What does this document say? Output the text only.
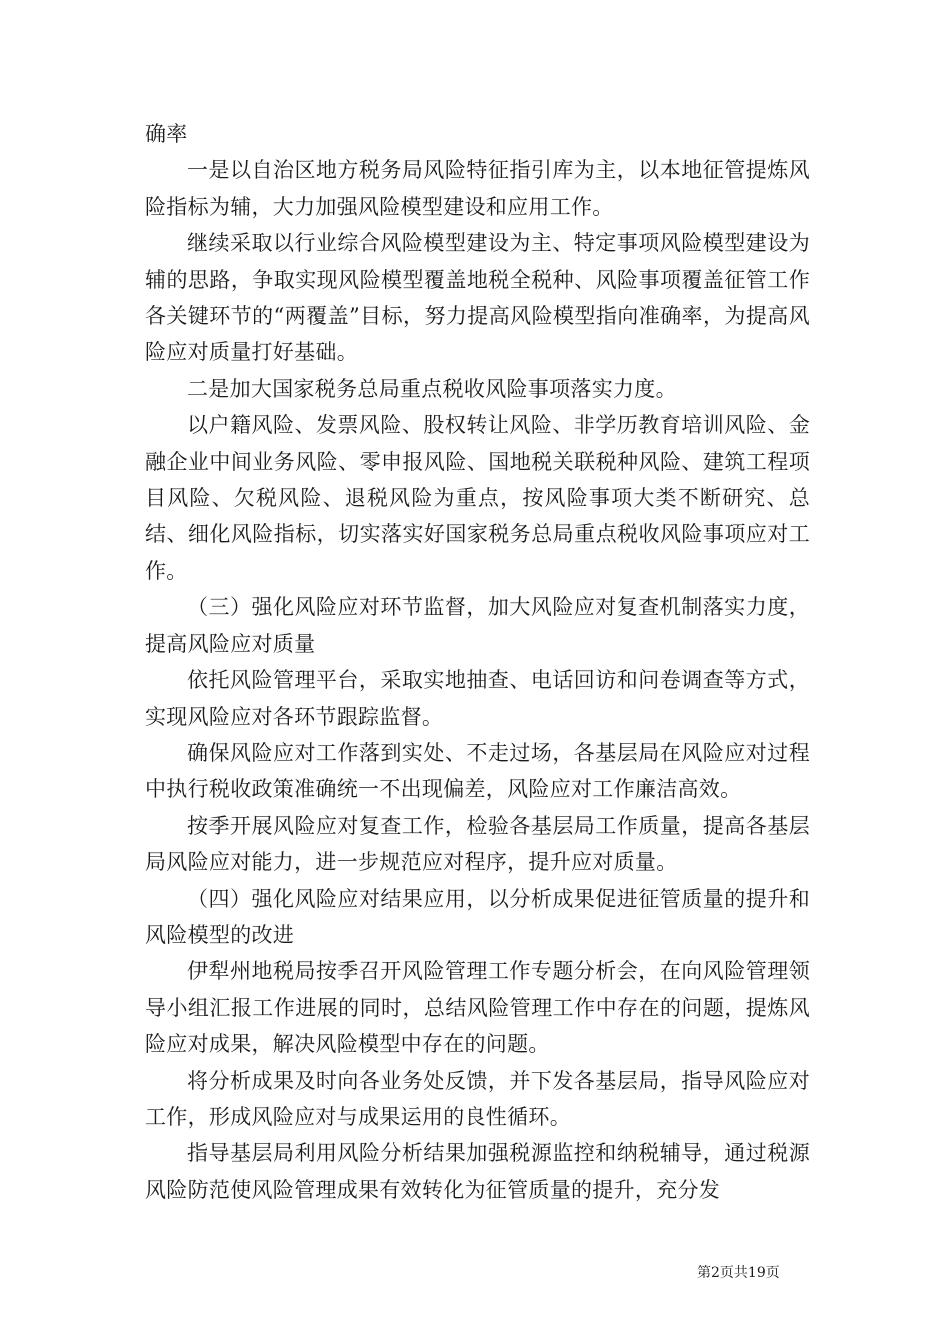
确率

一是以自治区地方税务局风险特征指引库为主，以本地征管提炼风险指标为辅，大力加强风险模型建设和应用工作。

继续采取以行业综合风险模型建设为主、特定事项风险模型建设为辅的思路，争取实现风险模型覆盖地税全税种、风险事项覆盖征管工作各关键环节的“两覆盖”目标，努力提高风险模型指向准确率，为提高风险应对质量打好基础。

二是加大国家税务总局重点税收风险事项落实力度。

以户籍风险、发票风险、股权转让风险、非学历教育培训风险、金融企业中间业务风险、零申报风险、国地税关联税种风险、建筑工程项目风险、欠税风险、退税风险为重点，按风险事项大类不断研究、总结、细化风险指标，切实落实好国家税务总局重点税收风险事项应对工作。

（三）强化风险应对环节监督，加大风险应对复查机制落实力度，提高风险应对质量

依托风险管理平台，采取实地抽查、电话回访和问卷调查等方式，实现风险应对各环节跟踪监督。

确保风险应对工作落到实处、不走过场，各基层局在风险应对过程中执行税收政策准确统一不出现偏差，风险应对工作廉洁高效。

按季开展风险应对复查工作，检验各基层局工作质量，提高各基层局风险应对能力，进一步规范应对程序，提升应对质量。

（四）强化风险应对结果应用，以分析成果促进征管质量的提升和风险模型的改进

伊犁州地税局按季召开风险管理工作专题分析会，在向风险管理领导小组汇报工作进展的同时，总结风险管理工作中存在的问题，提炼风险应对成果，解决风险模型中存在的问题。

将分析成果及时向各业务处反馈，并下发各基层局，指导风险应对工作，形成风险应对与成果运用的良性循环。

指导基层局利用风险分析结果加强税源监控和纳税辅导，通过税源风险防范使风险管理成果有效转化为征管质量的提升，充分发

第2页共19页
